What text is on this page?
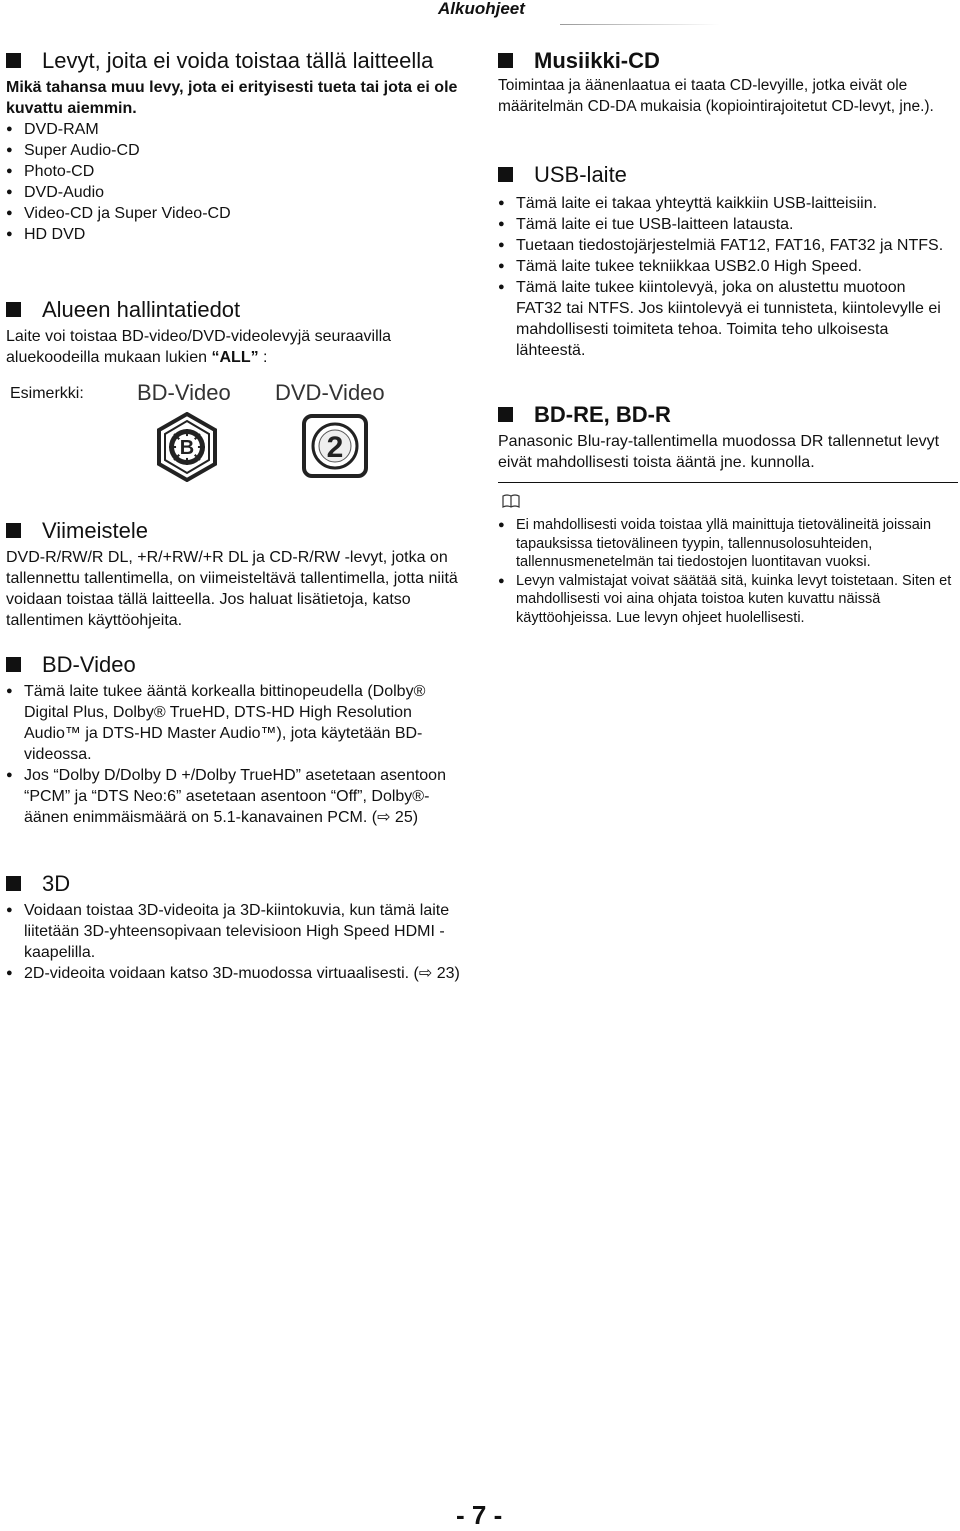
Alkuohjeet
Levyt, joita ei voida toistaa tällä laitteella

Mikä tahansa muu levy, jota ei erityisesti tueta tai jota ei ole kuvattu aiemmin.

● DVD-RAM
● Super Audio-CD
● Photo-CD
● DVD-Audio
● Video-CD ja Super Video-CD
● HD DVD
Alueen hallintatiedot

Laite voi toistaa BD-video/DVD-videolevyjä seuraavilla aluekoodeilla mukaan lukien “ALL” :

Esimerkki: BD-Video DVD-Video
B	2
Viimeistele

DVD-R/RW/R DL, +R/+RW/+R DL ja CD-R/RW -levyt, jotka on tallennettu tallentimella, on viimeisteltävä tallentimella, jotta niitä voidaan toistaa tällä laitteella. Jos haluat lisätietoja, katso tallentimen käyttöohjeita.

BD-Video
● Tämä laite tukee ääntä korkealla bittinopeudella (Dolby® Digital Plus, Dolby® TrueHD, DTS-HD High Resolution Audio™ ja DTS-HD Master Audio™), jota käytetään BD-videossa.
● Jos “Dolby D/Dolby D +/Dolby TrueHD” asetetaan asentoon “PCM” ja “DTS Neo:6” asetetaan asentoon “Off”, Dolby®-äänen enimmäismäärä on 5.1-kanavainen PCM. (⇨ 25)
3D
● Voidaan toistaa 3D-videoita ja 3D-kiintokuvia, kun tämä laite liitetään 3D-yhteensopivaan televisioon High Speed HDMI -kaapelilla.
● 2D-videoita voidaan katso 3D-muodossa virtuaalisesti. (⇨ 23)
Musiikki-CD

Toimintaa ja äänenlaatua ei taata CD-levyille, jotka eivät ole määritelmän CD-DA mukaisia (kopiointirajoitetut CD-levyt, jne.).

USB-laite
● Tämä laite ei takaa yhteyttä kaikkiin USB-laitteisiin.
● Tämä laite ei tue USB-laitteen latausta.
● Tuetaan tiedostojärjestelmiä FAT12, FAT16, FAT32 ja NTFS.
● Tämä laite tukee tekniikkaa USB2.0 High Speed.
● Tämä laite tukee kiintolevyä, joka on alustettu muotoon FAT32 tai NTFS. Jos kiintolevyä ei tunnisteta, kiintolevylle ei mahdollisesti toimiteta tehoa. Toimita teho ulkoisesta lähteestä.
BD-RE, BD-R

Panasonic Blu-ray-tallentimella muodossa DR tallennetut levyt eivät mahdollisesti toista ääntä jne. kunnolla.

● Ei mahdollisesti voida toistaa yllä mainittuja tietovälineitä joissain tapauksissa tietovälineen tyypin, tallennusolosuhteiden, tallennusmenetelmän tai tiedostojen luontitavan vuoksi.
● Levyn valmistajat voivat säätää sitä, kuinka levyt toistetaan. Siten et mahdollisesti voi aina ohjata toistoa kuten kuvattu näissä käyttöohjeissa. Lue levyn ohjeet huolellisesti.
- 7 -
